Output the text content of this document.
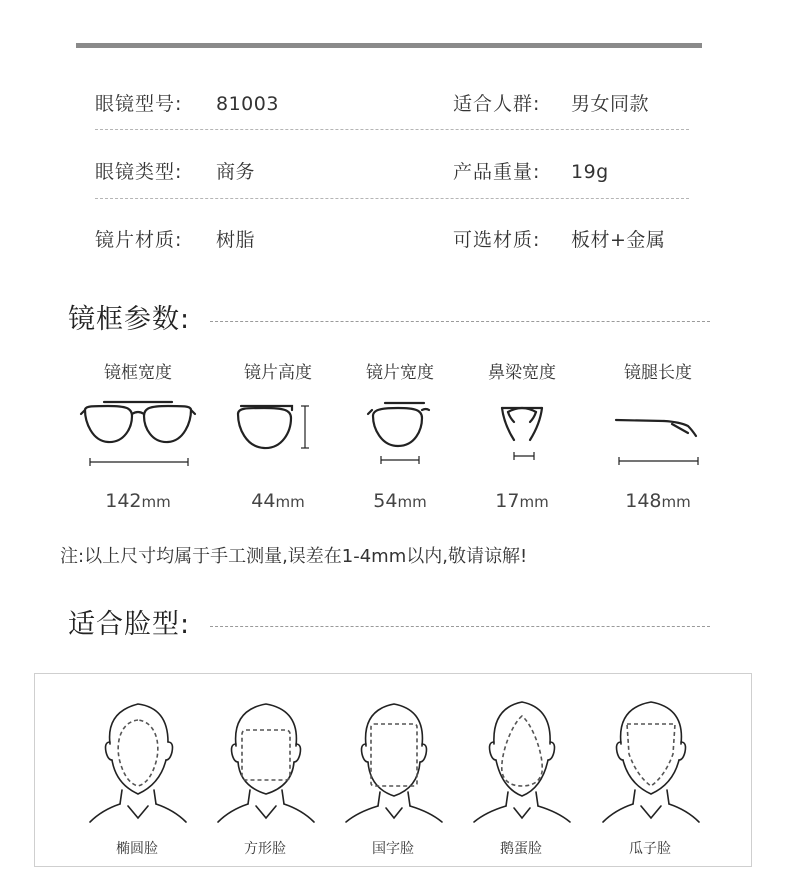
眼镜型号: 81003	适合人群: 男女同款
眼镜类型: 商务	产品重量: 19g
镜片材质: 树脂	可选材质: 板材+金属
镜框参数:
镜框宽度
142mm
镜片高度
44mm
镜片宽度
54mm
鼻梁宽度
17mm
镜腿长度
148mm
注:以上尺寸均属于手工测量,误差在1-4mm以内,敬请谅解!
适合脸型:
椭圆脸	方形脸	国字脸	鹅蛋脸	瓜子脸
